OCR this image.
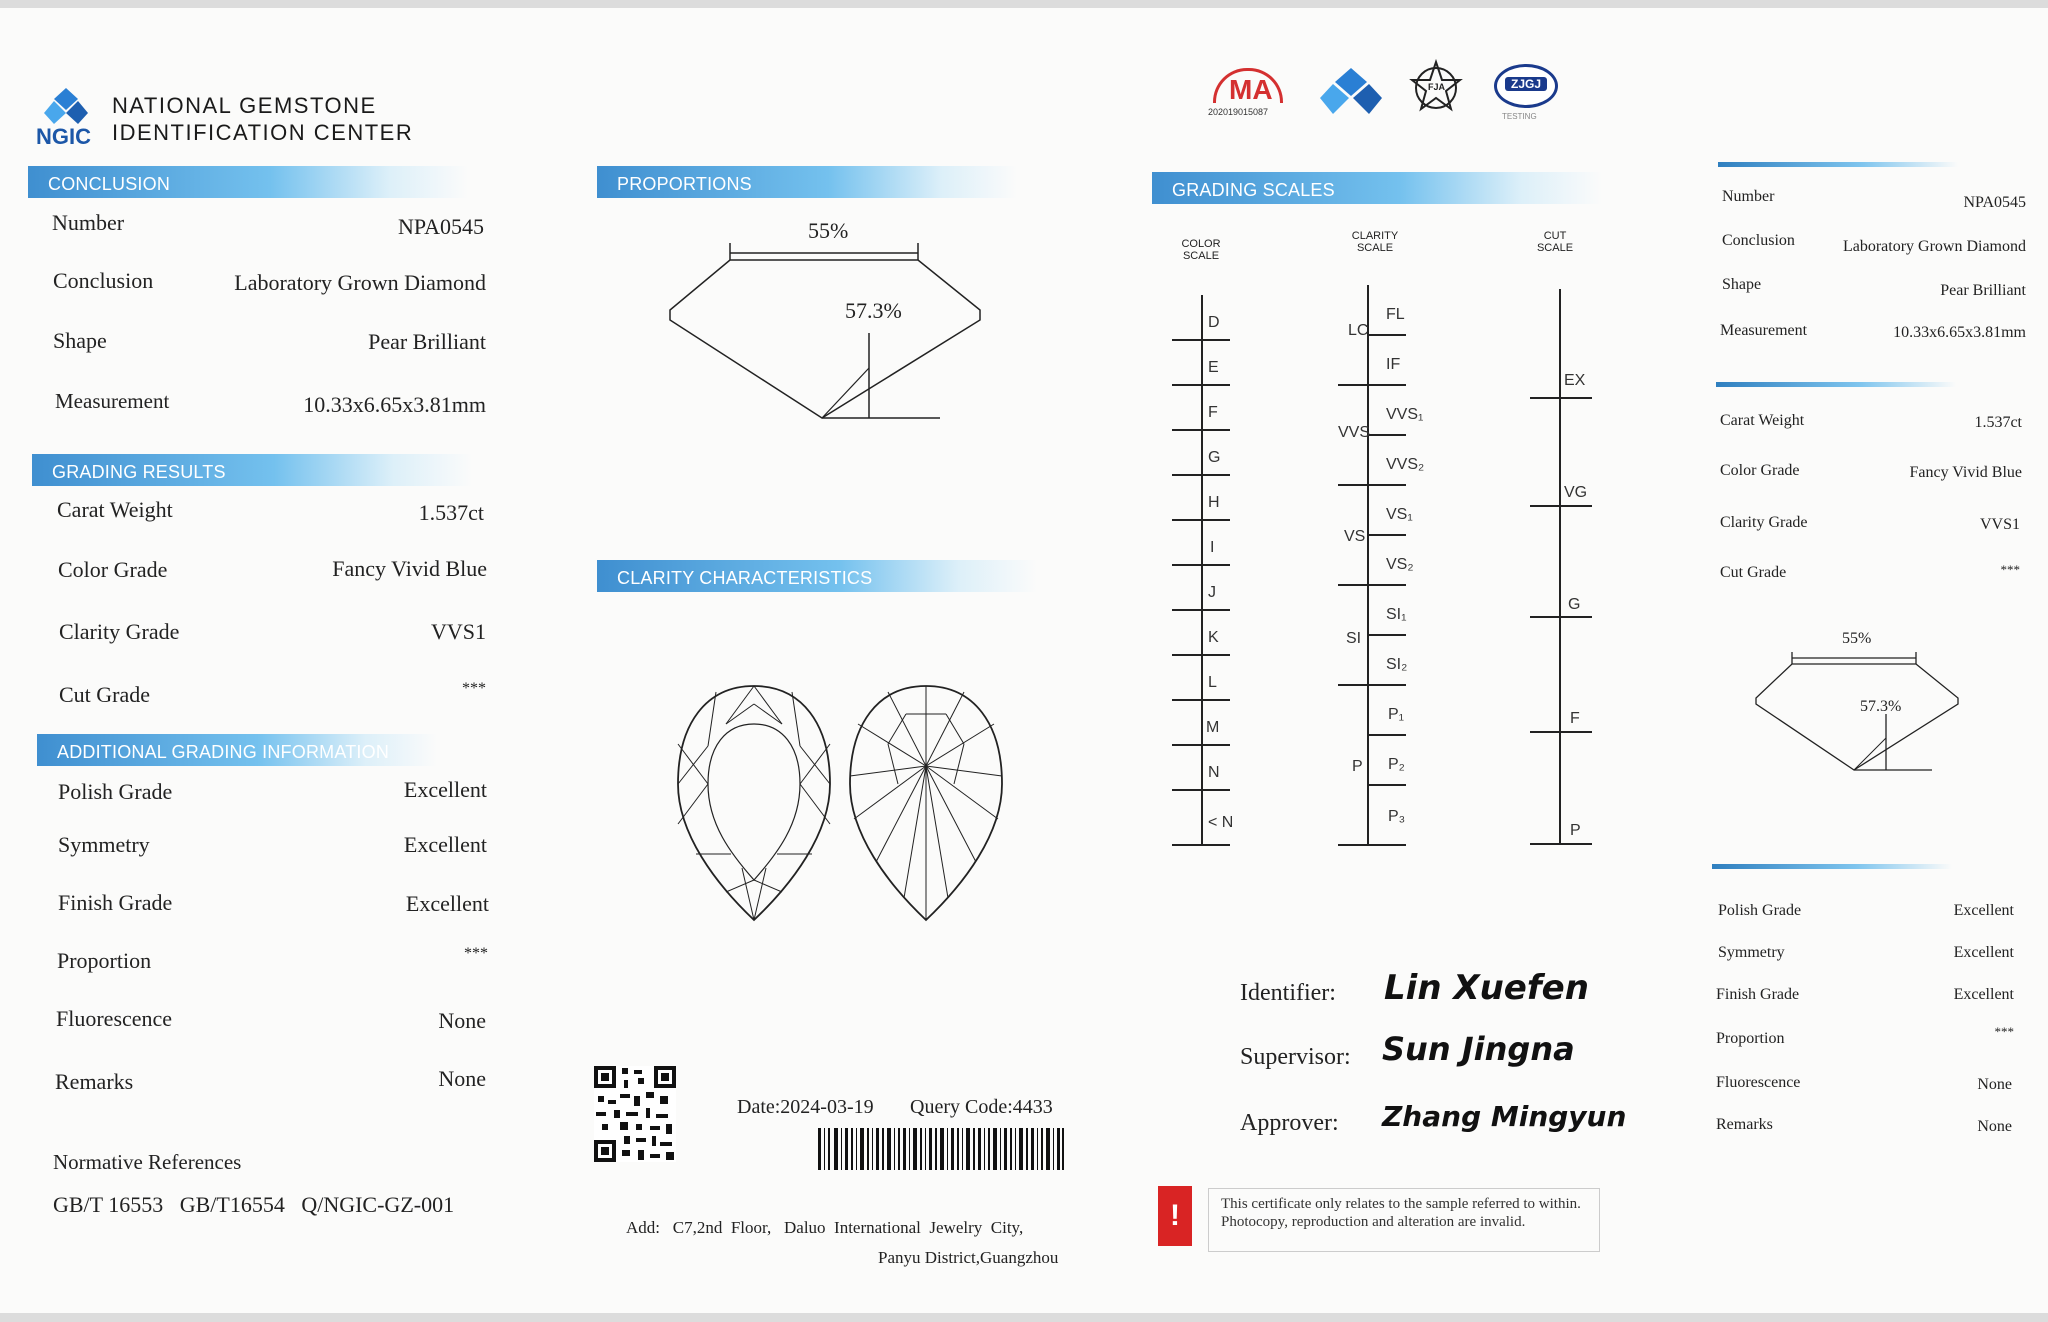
NGIC
NATIONAL GEMSTONE
IDENTIFICATION CENTER
CONCLUSION
Number	NPA0545
Conclusion	Laboratory Grown Diamond
Shape	Pear Brilliant
Measurement	10.33x6.65x3.81mm
GRADING RESULTS
Carat Weight	1.537ct
Color Grade	Fancy Vivid Blue
Clarity Grade	VVS1
Cut Grade	***
ADDITIONAL GRADING INFORMATION
Polish Grade	Excellent
Symmetry	Excellent
Finish Grade	Excellent
Proportion	***
Fluorescence	None
Remarks	None
Normative References
GB/T 16553   GB/T16554   Q/NGIC-GZ-001
PROPORTIONS
55%
57.3%
CLARITY CHARACTERISTICS
Date:2024-03-19 Query Code:4433
Add:   C7,2nd  Floor,   Daluo  International  Jewelry  City,
Panyu District,Guangzhou
MA
202019015087
FJA	ZJGJ
TESTING
GRADING SCALES
COLOR
SCALE
CLARITY
SCALE
CUT
SCALE
D
E
F
G
H
I
J
K
L
M
N
< N
LC
VVS
VS
SI
P
FL
IF
VVS₁
VVS₂
VS₁
VS₂
SI₁
SI₂
P₁
P₂
P₃
EX
VG
G
F
P
Identifier: Lin Xuefen
Supervisor: Sun Jingna
Approver: Zhang Mingyun
!	This certificate only relates to the sample referred to within. Photocopy, reproduction and alteration are invalid.
Number	NPA0545
Conclusion	Laboratory Grown Diamond
Shape	Pear Brilliant
Measurement	10.33x6.65x3.81mm
Carat Weight	1.537ct
Color Grade	Fancy Vivid Blue
Clarity Grade	VVS1
Cut Grade	***
55%
57.3%
Polish Grade	Excellent
Symmetry	Excellent
Finish Grade	Excellent
Proportion	***
Fluorescence	None
Remarks	None
